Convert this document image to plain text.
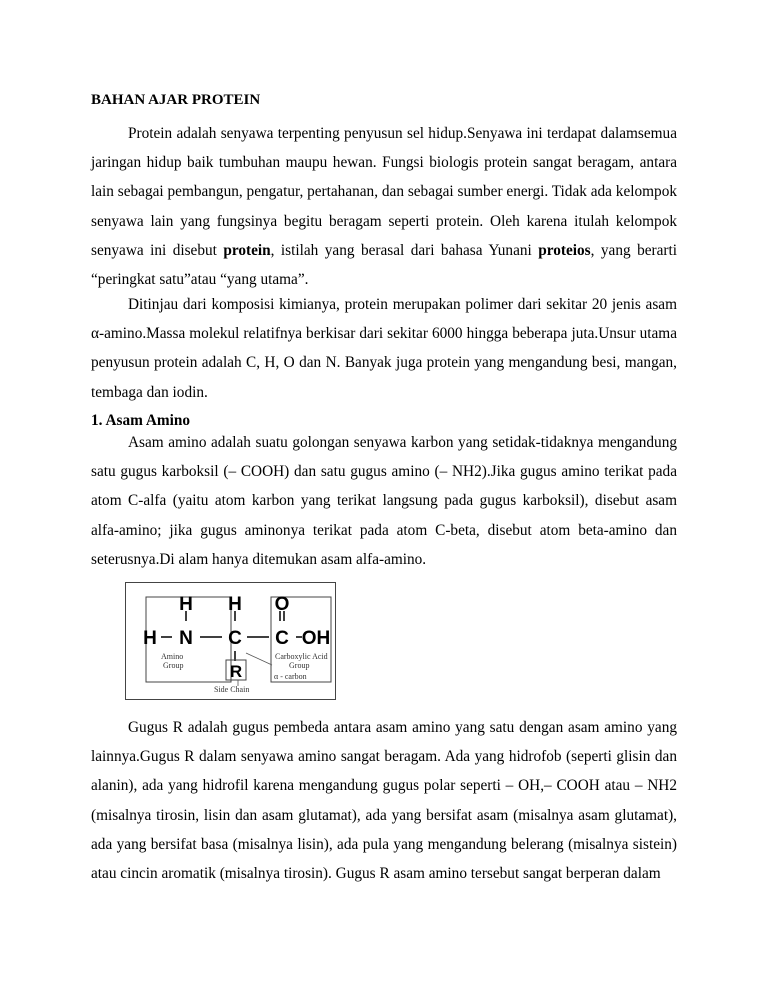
BAHAN AJAR PROTEIN

Protein adalah senyawa terpenting penyusun sel hidup.Senyawa ini terdapat dalamsemua jaringan hidup baik tumbuhan maupu hewan. Fungsi biologis protein sangat beragam, antara lain sebagai pembangun, pengatur, pertahanan, dan sebagai sumber energi. Tidak ada kelompok senyawa lain yang fungsinya begitu beragam seperti protein. Oleh karena itulah kelompok senyawa ini disebut protein, istilah yang berasal dari bahasa Yunani proteios, yang berarti “peringkat satu”atau “yang utama”.

Ditinjau dari komposisi kimianya, protein merupakan polimer dari sekitar 20 jenis asam α-amino.Massa molekul relatifnya berkisar dari sekitar 6000 hingga beberapa juta.Unsur utama penyusun protein adalah C, H, O dan N. Banyak juga protein yang mengandung besi, mangan, tembaga dan iodin.

1. Asam Amino

Asam amino adalah suatu golongan senyawa karbon yang setidak-tidaknya mengandung satu gugus karboksil (– COOH) dan satu gugus amino (– NH2).Jika gugus amino terikat pada atom C-alfa (yaitu atom karbon yang terikat langsung pada gugus karboksil), disebut asam alfa-amino; jika gugus aminonya terikat pada atom C-beta, disebut atom beta-amino dan seterusnya.Di alam hanya ditemukan asam alfa-amino.

H H O
H N C C OH
R
Amino
Group
Carboxylic Acid
Group
α - carbon
Side Chain

Gugus R adalah gugus pembeda antara asam amino yang satu dengan asam amino yang lainnya.Gugus R dalam senyawa amino sangat beragam. Ada yang hidrofob (seperti glisin dan alanin), ada yang hidrofil karena mengandung gugus polar seperti – OH,– COOH atau – NH2 (misalnya tirosin, lisin dan asam glutamat), ada yang bersifat asam (misalnya asam glutamat), ada yang bersifat basa (misalnya lisin), ada pula yang mengandung belerang (misalnya sistein) atau cincin aromatik (misalnya tirosin). Gugus R asam amino tersebut sangat berperan dalam
